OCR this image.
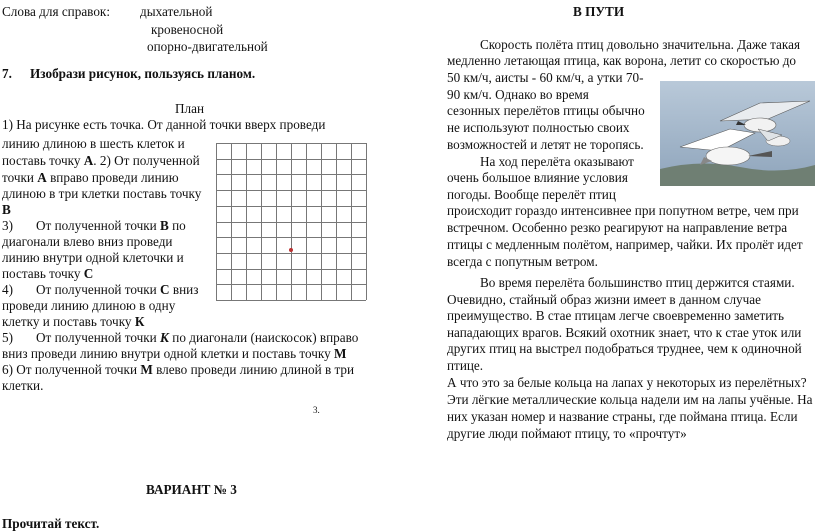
Слова для справок: дыхательной
кровеносной
опорно-двигательной
7. Изобрази рисунок, пользуясь планом.
План
1) На рисунке есть точка. От данной точки вверх проведи
линию длиною в шесть клеток и
поставь точку А. 2) От полученной
точки А вправо проведи линию
длиною в три клетки поставь точку
В
3) От полученной точки В по
диагонали влево вниз проведи
линию внутри одной клеточки и
поставь точку С
4) От полученной точки С вниз
проведи линию длиною в одну
клетку и поставь точку К
5) От полученной точки К по диагонали (наискосок) вправо
вниз проведи линию внутри одной клетки и поставь точку М
6) От полученной точки М влево проведи линию длиной в три
клетки.
3.
ВАРИАНТ № 3
Прочитай текст.
В ПУТИ
Скорость полёта птиц довольно значительна. Даже такая
медленно летающая птица, как ворона, летит со скоростью до
50 км/ч, аисты - 60 км/ч, а утки 70-
90 км/ч. Однако во время
сезонных перелётов птицы обычно
не используют полностью своих
возможностей и летят не торопясь.
На ход перелёта оказывают
очень большое влияние условия
погоды. Вообще перелёт птиц
происходит гораздо интенсивнее при попутном ветре, чем при
встречном. Особенно резко реагируют на направление ветра
птицы с медленным полётом, например, чайки. Их пролёт идет
всегда с попутным ветром.
Во время перелёта большинство птиц держится стаями.
Очевидно, стайный образ жизни имеет в данном случае
преимущество. В стае птицам легче своевременно заметить
нападающих врагов. Всякий охотник знает, что к стае уток или
других птиц на выстрел подобраться труднее, чем к одиночной
птице.
А что это за белые кольца на лапах у некоторых из перелётных?
Эти лёгкие металлические кольца надели им на лапы учёные. На
них указан номер и название страны, где поймана птица. Если
другие люди поймают птицу, то «прочтут»
